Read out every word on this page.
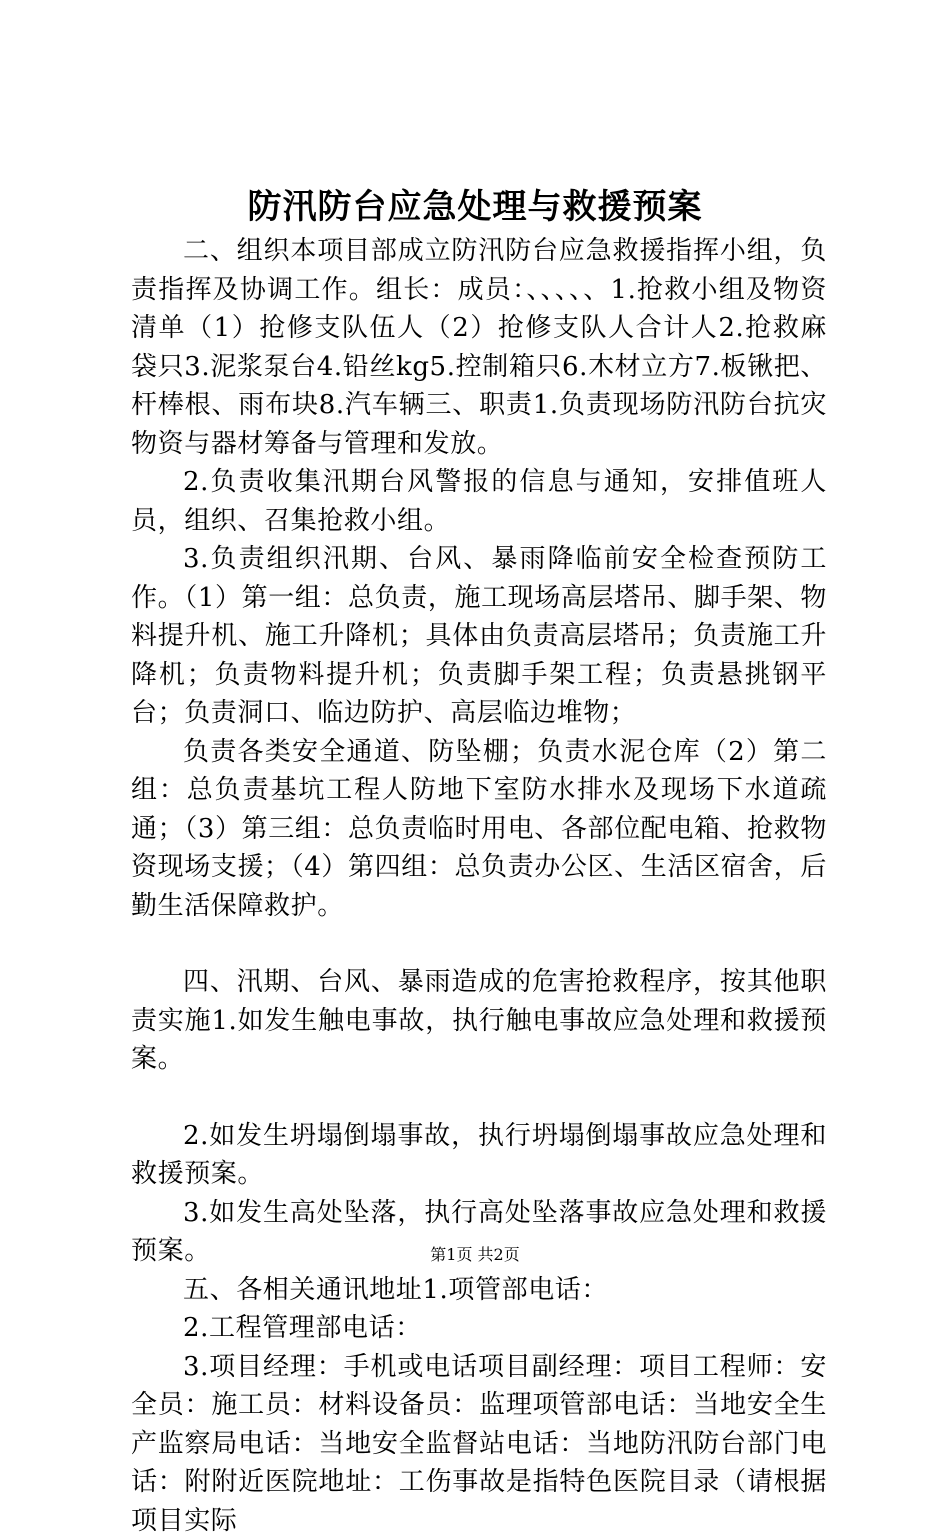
防汛防台应急处理与救援预案

二、组织本项目部成立防汛防台应急救援指挥小组，负责指挥及协调工作。组长：成员：、、、、、1.抢救小组及物资清单（1）抢修支队伍人（2）抢修支队人合计人2.抢救麻袋只3.泥浆泵台4.铅丝kg5.控制箱只6.木材立方7.板锹把、杆棒根、雨布块8.汽车辆三、职责1.负责现场防汛防台抗灾物资与器材筹备与管理和发放。

2.负责收集汛期台风警报的信息与通知，安排值班人员，组织、召集抢救小组。

3.负责组织汛期、台风、暴雨降临前安全检查预防工作。（1）第一组：总负责，施工现场高层塔吊、脚手架、物料提升机、施工升降机；具体由负责高层塔吊；负责施工升降机；负责物料提升机；负责脚手架工程；负责悬挑钢平台；负责洞口、临边防护、高层临边堆物；

负责各类安全通道、防坠棚；负责水泥仓库（2）第二组：总负责基坑工程人防地下室防水排水及现场下水道疏通；（3）第三组：总负责临时用电、各部位配电箱、抢救物资现场支援；（4）第四组：总负责办公区、生活区宿舍，后勤生活保障救护。

四、汛期、台风、暴雨造成的危害抢救程序，按其他职责实施1.如发生触电事故，执行触电事故应急处理和救援预案。

2.如发生坍塌倒塌事故，执行坍塌倒塌事故应急处理和救援预案。

3.如发生高处坠落，执行高处坠落事故应急处理和救援预案。

五、各相关通讯地址1.项管部电话：

2.工程管理部电话：

3.项目经理：手机或电话项目副经理：项目工程师：安全员：施工员：材料设备员：监理项管部电话：当地安全生产监察局电话：当地安全监督站电话：当地防汛防台部门电话：附附近医院地址：工伤事故是指特色医院目录（请根据项目实际

第1页 共2页
